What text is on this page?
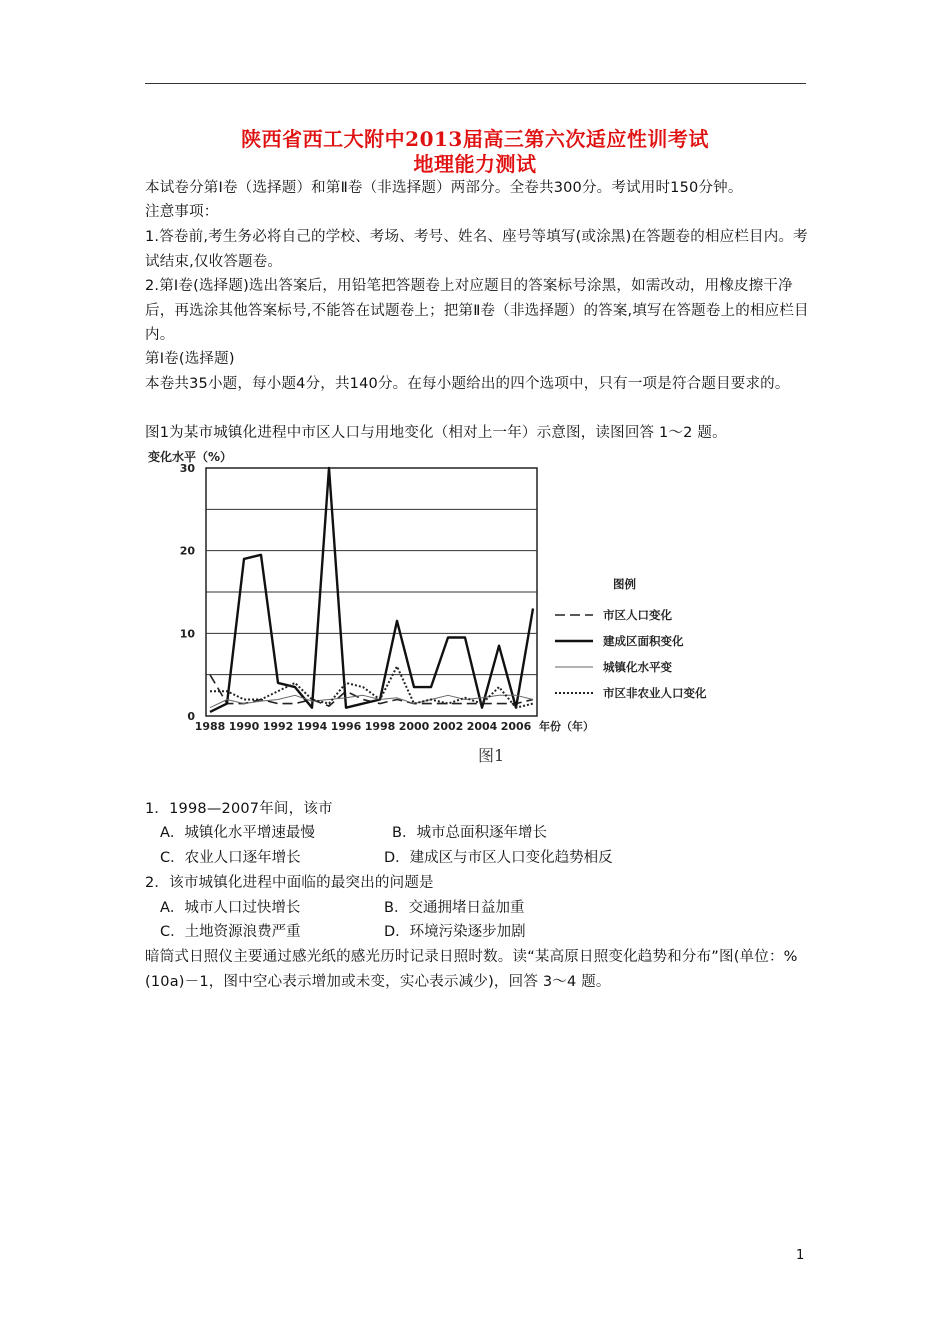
陕西省西工大附中2013届高三第六次适应性训考试
地理能力测试
本试卷分第Ⅰ卷（选择题）和第Ⅱ卷（非选择题）两部分。全卷共300分。考试用时150分钟。
注意事项：
1.答卷前,考生务必将自己的学校、考场、考号、姓名、座号等填写(或涂黑)在答题卷的相应栏目内。考试结束,仅收答题卷。
2.第Ⅰ卷(选择题)选出答案后，用铅笔把答题卷上对应题目的答案标号涂黑，如需改动，用橡皮擦干净后，再选涂其他答案标号,不能答在试题卷上；把第Ⅱ卷（非选择题）的答案,填写在答题卷上的相应栏目内。
第Ⅰ卷(选择题)
本卷共35小题，每小题4分，共140分。在每小题给出的四个选项中，只有一项是符合题目要求的。
图1为某市城镇化进程中市区人口与用地变化（相对上一年）示意图，读图回答 1～2 题。
变化水平（%）
0
10
20
30
1988 1990 1992 1994 1996 1998 2000 2002 2004 2006 年份（年）
图例
市区人口变化
建成区面积变化
城镇化水平变
市区非农业人口变化
图1
1．1998—2007年间，该市
A．城镇化水平增速最慢	B．城市总面积逐年增长
C．农业人口逐年增长	D．建成区与市区人口变化趋势相反
2．该市城镇化进程中面临的最突出的问题是
A．城市人口过快增长	B．交通拥堵日益加重
C．土地资源浪费严重	D．环境污染逐步加剧
暗筒式日照仪主要通过感光纸的感光历时记录日照时数。读“某高原日照变化趋势和分布”图(单位：%(10a)－1，图中空心表示增加或未变，实心表示减少)，回答 3～4 题。
1
